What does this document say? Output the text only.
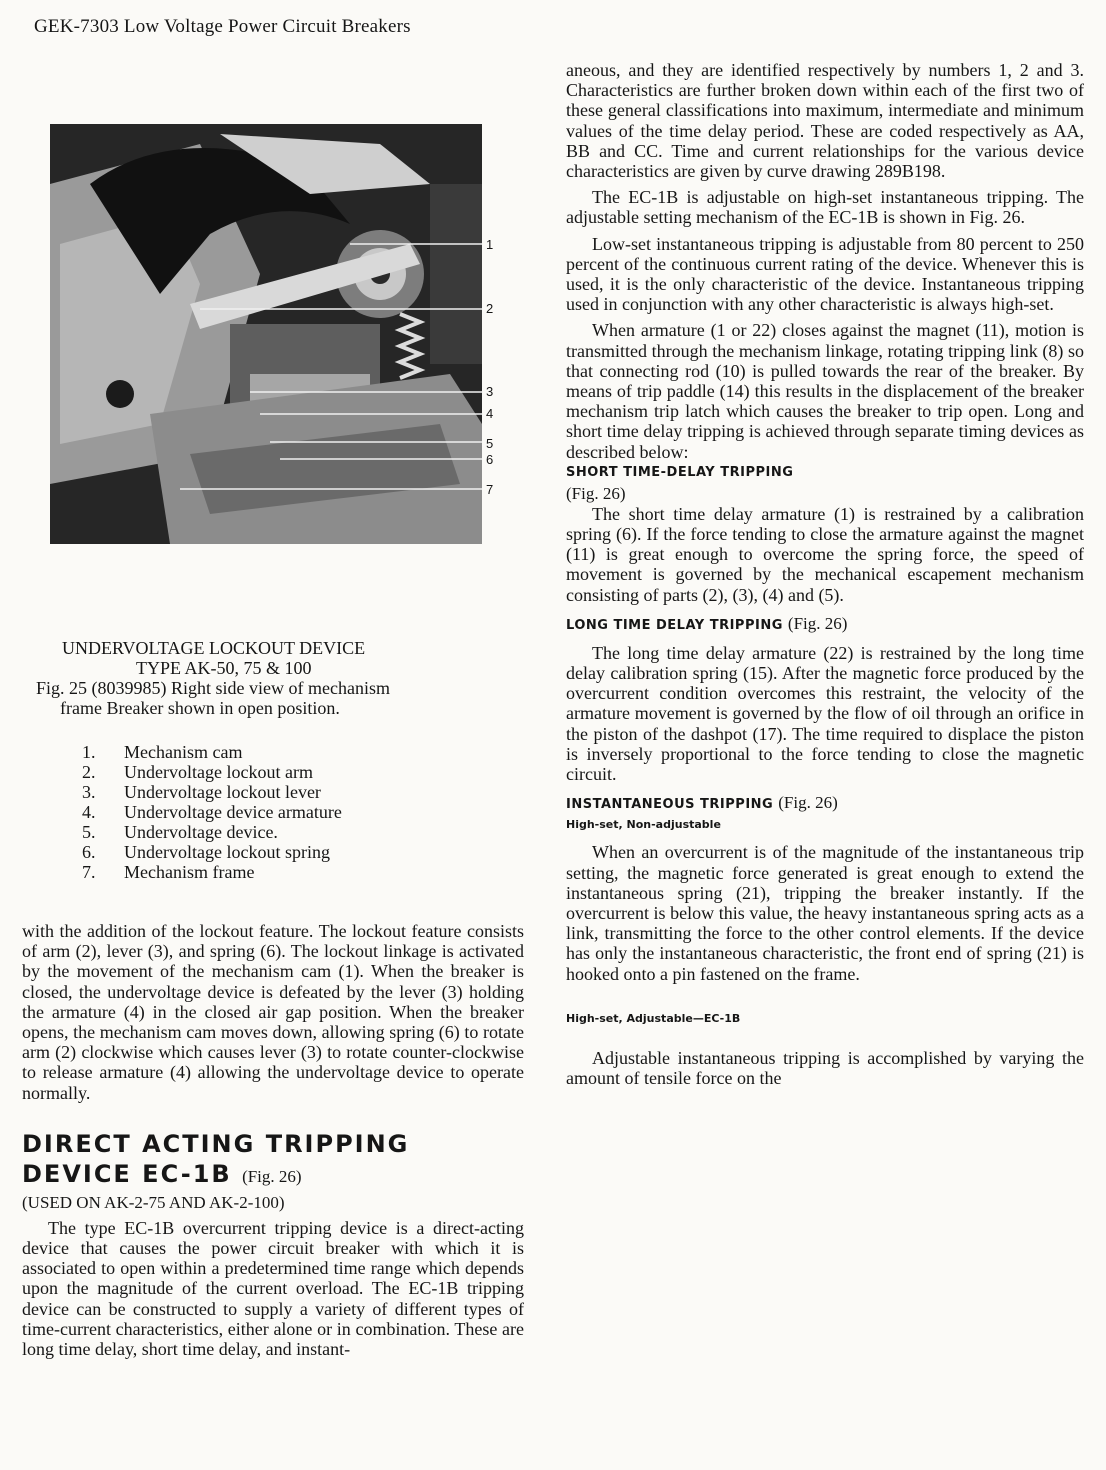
GEK-7303 Low Voltage Power Circuit Breakers
1
2
3
4
5
6
7
UNDERVOLTAGE LOCKOUT DEVICE
TYPE AK-50, 75 & 100
Fig. 25 (8039985) Right side view of mechanism
frame Breaker shown in open position.
1.	Mechanism cam
2.	Undervoltage lockout arm
3.	Undervoltage lockout lever
4.	Undervoltage device armature
5.	Undervoltage device.
6.	Undervoltage lockout spring
7.	Mechanism frame

with the addition of the lockout feature. The lockout feature consists of arm (2), lever (3), and spring (6). The lockout linkage is activated by the movement of the mechanism cam (1). When the breaker is closed, the undervoltage device is defeated by the lever (3) holding the armature (4) in the closed air gap position. When the breaker opens, the mechanism cam moves down, allowing spring (6) to rotate arm (2) clockwise which causes lever (3) to rotate counter-clockwise to release armature (4) allowing the undervoltage device to operate normally.

DIRECT ACTING TRIPPING
DEVICE EC-1B (Fig. 26)
(USED ON AK-2-75 AND AK-2-100)

The type EC-1B overcurrent tripping device is a direct-acting device that causes the power circuit breaker with which it is associated to open within a predetermined time range which depends upon the magnitude of the current overload. The EC-1B tripping device can be constructed to supply a variety of different types of time-current characteristics, either alone or in combination. These are long time delay, short time delay, and instant-

aneous, and they are identified respectively by numbers 1, 2 and 3. Characteristics are further broken down within each of the first two of these general classifications into maximum, intermediate and minimum values of the time delay period. These are coded respectively as AA, BB and CC. Time and current relationships for the various device characteristics are given by curve drawing 289B198.

The EC-1B is adjustable on high-set instantaneous tripping. The adjustable setting mechanism of the EC-1B is shown in Fig. 26.

Low-set instantaneous tripping is adjustable from 80 percent to 250 percent of the continuous current rating of the device. Whenever this is used, it is the only characteristic of the device. Instantaneous tripping used in conjunction with any other characteristic is always high-set.

When armature (1 or 22) closes against the magnet (11), motion is transmitted through the mechanism linkage, rotating tripping link (8) so that connecting rod (10) is pulled towards the rear of the breaker. By means of trip paddle (14) this results in the displacement of the breaker mechanism trip latch which causes the breaker to trip open. Long and short time delay tripping is achieved through separate timing devices as described below:

SHORT TIME-DELAY TRIPPING
(Fig. 26)

The short time delay armature (1) is restrained by a calibration spring (6). If the force tending to close the armature against the magnet (11) is great enough to overcome the spring force, the speed of movement is governed by the mechanical escapement mechanism consisting of parts (2), (3), (4) and (5).

LONG TIME DELAY TRIPPING (Fig. 26)

The long time delay armature (22) is restrained by the long time delay calibration spring (15). After the magnetic force produced by the overcurrent condition overcomes this restraint, the velocity of the armature movement is governed by the flow of oil through an orifice in the piston of the dashpot (17). The time required to displace the piston is inversely proportional to the force tending to close the magnetic circuit.

INSTANTANEOUS TRIPPING (Fig. 26)
High-set, Non-adjustable

When an overcurrent is of the magnitude of the instantaneous trip setting, the magnetic force generated is great enough to extend the instantaneous spring (21), tripping the breaker instantly. If the overcurrent is below this value, the heavy instantaneous spring acts as a link, transmitting the force to the other control elements. If the device has only the instantaneous characteristic, the front end of spring (21) is hooked onto a pin fastened on the frame.

High-set, Adjustable—EC-1B

Adjustable instantaneous tripping is accomplished by varying the amount of tensile force on the
